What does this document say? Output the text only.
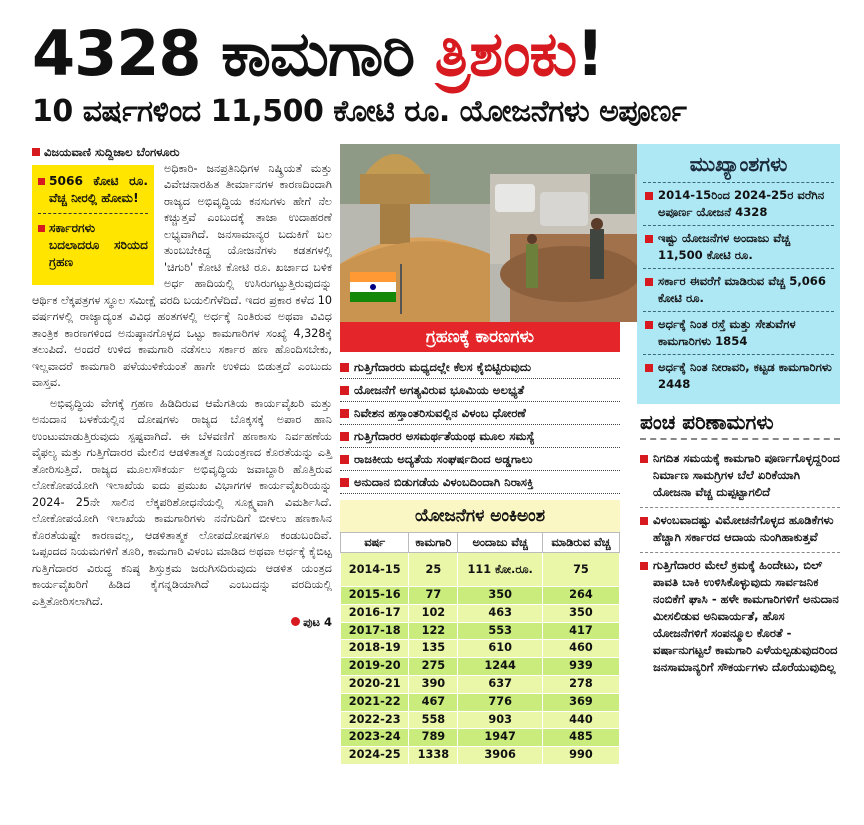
4328 ಕಾಮಗಾರಿ ತ್ರಿಶಂಕು!
10 ವರ್ಷಗಳಿಂದ 11,500 ಕೋಟಿ ರೂ. ಯೋಜನೆಗಳು ಅಪೂರ್ಣ
ವಿಜಯವಾಣಿ ಸುದ್ದಿಜಾಲ ಬೆಂಗಳೂರು
5066 ಕೋಟಿ ರೂ. ವೆಚ್ಚ ನೀರಲ್ಲಿ ಹೋಮ!
ಸರ್ಕಾರಗಳು ಬದಲಾದರೂ ಸರಿಯದ ಗ್ರಹಣ

ಅಧಿಕಾರಿ- ಜನಪ್ರತಿನಿಧಿಗಳ ನಿಷ್ಕ್ರಿಯತೆ ಮತ್ತು ವಿವೇಚನಾರಹಿತ ತೀರ್ಮಾನಗಳ ಕಾರಣದಿಂದಾಗಿ ರಾಜ್ಯದ ಅಭಿವೃದ್ಧಿಯ ಕನಸುಗಳು ಹೇಗೆ ನೆಲ ಕಚ್ಚುತ್ತವೆ ಎಂಬುದಕ್ಕೆ ತಾಜಾ ಉದಾಹರಣೆ ಲಭ್ಯವಾಗಿದೆ. ಜನಸಾಮಾನ್ಯರ ಬದುಕಿಗೆ ಬಲ ತುಂಬಬೇಕಿದ್ದ ಯೋಜನೆಗಳು ಕಡತಗಳಲ್ಲಿ 'ಚಿಗುರಿ' ಕೋಟಿ ಕೋಟಿ ರೂ. ಖರ್ಚಾದ ಬಳಿಕ ಅರ್ಧ ಹಾದಿಯಲ್ಲಿ ಉಸಿರುಗಟ್ಟುತ್ತಿರುವುದನ್ನು ಆರ್ಥಿಕ ಲೆಕ್ಕಪತ್ರಗಳ ಸ್ಥೂಲ ಸಮೀಕ್ಷೆ ವರದಿ ಬಯಲಿಗೆಳೆದಿದೆ. ಇದರ ಪ್ರಕಾರ ಕಳೆದ 10 ವರ್ಷಗಳಲ್ಲಿ ರಾಜ್ಯಾದ್ಯಂತ ವಿವಿಧ ಹಂತಗಳಲ್ಲಿ ಅರ್ಧಕ್ಕೆ ನಿಂತಿರುವ ಅಥವಾ ವಿವಿಧ ತಾಂತ್ರಿಕ ಕಾರಣಗಳಿಂದ ಅನುಷ್ಠಾನಗೊಳ್ಳದ ಒಟ್ಟು ಕಾಮಗಾರಿಗಳ ಸಂಖ್ಯೆ 4,328ಕ್ಕೆ ತಲುಪಿದೆ. ಅಂದರೆ ಉಳಿದ ಕಾಮಗಾರಿ ನಡೆಸಲು ಸರ್ಕಾರ ಹಣ ಹೊಂದಿಸಬೇಕು, ಇಲ್ಲವಾದರೆ ಕಾಮಗಾರಿ ಪಳೆಯುಳಿಕೆಯಂತೆ ಹಾಗೇ ಉಳಿದು ಬಿಡುತ್ತದೆ ಎಂಬುದು ವಾಸ್ತವ.

ಅಭಿವೃದ್ಧಿಯ ವೇಗಕ್ಕೆ ಗ್ರಹಣ ಹಿಡಿದಿರುವ ಆಮೆಗತಿಯ ಕಾರ್ಯವೈಖರಿ ಮತ್ತು ಅನುದಾನ ಬಳಕೆಯಲ್ಲಿನ ದೋಷಗಳು ರಾಜ್ಯದ ಬೊಕ್ಕಸಕ್ಕೆ ಅಪಾರ ಹಾನಿ ಉಂಟುಮಾಡುತ್ತಿರುವುದು ಸ್ಪಷ್ಟವಾಗಿದೆ. ಈ ಬೆಳವಣಿಗೆ ಹಣಕಾಸು ನಿರ್ವಹಣೆಯ ವೈಫಲ್ಯ ಮತ್ತು ಗುತ್ತಿಗೆದಾರರ ಮೇಲಿನ ಆಡಳಿತಾತ್ಮಕ ನಿಯಂತ್ರಣದ ಕೊರತೆಯನ್ನು ಎತ್ತಿ ತೋರಿಸುತ್ತಿದೆ. ರಾಜ್ಯದ ಮೂಲಸೌಕರ್ಯ ಅಭಿವೃದ್ಧಿಯ ಜವಾಬ್ದಾರಿ ಹೊತ್ತಿರುವ ಲೋಕೋಪಯೋಗಿ ಇಲಾಖೆಯ ಐದು ಪ್ರಮುಖ ವಿಭಾಗಗಳ ಕಾರ್ಯವೈಖರಿಯನ್ನು 2024- 25ನೇ ಸಾಲಿನ ಲೆಕ್ಕಪರಿಶೋಧನೆಯಲ್ಲಿ ಸೂಕ್ಷ್ಮವಾಗಿ ವಿಮರ್ಶಿಸಿದೆ. ಲೋಕೋಪಯೋಗಿ ಇಲಾಖೆಯ ಕಾಮಗಾರಿಗಳು ನನೆಗುದಿಗೆ ಬೀಳಲು ಹಣಕಾಸಿನ ಕೊರತೆಯಷ್ಟೇ ಕಾರಣವಲ್ಲ, ಆಡಳಿತಾತ್ಮಕ ಲೋಪದೋಷಗಳೂ ಕಂಡುಬಂದಿವೆ. ಒಪ್ಪಂದದ ನಿಯಮಗಳಿಗೆ ತೂರಿ, ಕಾಮಗಾರಿ ವಿಳಂಬ ಮಾಡಿದ ಅಥವಾ ಅರ್ಧಕ್ಕೆ ಕೈಬಿಟ್ಟ ಗುತ್ತಿಗೆದಾರರ ವಿರುದ್ಧ ಕನಿಷ್ಠ ಶಿಸ್ತುಕ್ರಮ ಜರುಗಿಸದಿರುವುದು ಆಡಳಿತ ಯಂತ್ರದ ಕಾರ್ಯವೈಖರಿಗೆ ಹಿಡಿದ ಕೈಗನ್ನಡಿಯಾಗಿದೆ ಎಂಬುದನ್ನು ವರದಿಯಲ್ಲಿ ಎತ್ತಿತೋರಿಸಲಾಗಿದೆ.

ಪುಟ 4
ಗ್ರಹಣಕ್ಕೆ ಕಾರಣಗಳು
ಗುತ್ತಿಗೆದಾರರು ಮಧ್ಯದಲ್ಲೇ ಕೆಲಸ ಕೈಬಿಟ್ಟಿರುವುದು
ಯೋಜನೆಗೆ ಅಗತ್ಯವಿರುವ ಭೂಮಿಯ ಅಲಭ್ಯತೆ
ನಿವೇಶನ ಹಸ್ತಾಂತರಿಸುವಲ್ಲಿನ ವಿಳಂಬ ಧೋರಣೆ
ಗುತ್ತಿಗೆದಾರರ ಅಸಮರ್ಥತೆಯಂಥ ಮೂಲ ಸಮಸ್ಯೆ
ರಾಜಕೀಯ ಅದ್ಯತೆಯ ಸಂಘರ್ಷದಿಂದ ಅಡ್ಡಗಾಲು
ಅನುದಾನ ಬಿಡುಗಡೆಯ ವಿಳಂಬದಿಂದಾಗಿ ನಿರಾಸಕ್ತಿ
ಯೋಜನೆಗಳ ಅಂಕಿಅಂಶ
ವರ್ಷ	ಕಾಮಗಾರಿ	ಅಂದಾಜು ವೆಚ್ಚ	ಮಾಡಿರುವ ವೆಚ್ಚ
2014-15	25	111 ಕೋ.ರೂ.	75
2015-16	77	350	264
2016-17	102	463	350
2017-18	122	553	417
2018-19	135	610	460
2019-20	275	1244	939
2020-21	390	637	278
2021-22	467	776	369
2022-23	558	903	440
2023-24	789	1947	485
2024-25	1338	3906	990
ಮುಖ್ಯಾಂಶಗಳು
2014-15ರಿಂದ 2024-25ರ ವರೆಗಿನ ಅಪೂರ್ಣ ಯೋಜನೆ 4328
ಇಷ್ಟು ಯೋಜನೆಗಳ ಅಂದಾಜು ವೆಚ್ಚ 11,500 ಕೋಟಿ ರೂ.
ಸರ್ಕಾರ ಈವರೆಗೆ ಮಾಡಿರುವ ವೆಚ್ಚ 5,066 ಕೋಟಿ ರೂ.
ಅರ್ಧಕ್ಕೆ ನಿಂತ ರಸ್ತೆ ಮತ್ತು ಸೇತುವೆಗಳ ಕಾಮಗಾರಿಗಳು 1854
ಅರ್ಧಕ್ಕೆ ನಿಂತ ನೀರಾವರಿ, ಕಟ್ಟಡ ಕಾಮಗಾರಿಗಳು 2448
ಪಂಚ ಪರಿಣಾಮಗಳು
ನಿಗದಿತ ಸಮಯಕ್ಕೆ ಕಾಮಗಾರಿ ಪೂರ್ಣಗೊಳ್ಳದ್ದರಿಂದ ನಿರ್ಮಾಣ ಸಾಮಗ್ರಿಗಳ ಬೆಲೆ ಏರಿಕೆಯಾಗಿ ಯೋಜನಾ ವೆಚ್ಚ ದುಪ್ಪಟ್ಟಾಗಲಿದೆ
ವಿಳಂಬವಾದಷ್ಟು ವಿಮೋಚನೆಗೊಳ್ಳದ ಹೂಡಿಕೆಗಳು ಹೆಚ್ಚಾಗಿ ಸರ್ಕಾರದ ಆದಾಯ ನುಂಗಿಹಾಕುತ್ತವೆ
ಗುತ್ತಿಗೆದಾರರ ಮೇಲೆ ಕ್ರಮಕ್ಕೆ ಹಿಂದೇಟು, ಬಿಲ್ ಪಾವತಿ ಬಾಕಿ ಉಳಿಸಿಕೊಳ್ಳುವುದು ಸಾರ್ವಜನಿಕ ನಂಬಿಕೆಗೆ ಘಾಸಿ - ಹಳೇ ಕಾಮಗಾರಿಗಳಿಗೆ ಅನುದಾನ ಮೀಸಲಿಡುವ ಅನಿವಾರ್ಯತೆ, ಹೊಸ ಯೋಜನೆಗಳಿಗೆ ಸಂಪನ್ಮೂಲ ಕೊರತೆ - ವರ್ಷಾನುಗಟ್ಟಲೆ ಕಾಮಗಾರಿ ಎಳೆಯಲ್ಪಡುವುದರಿಂದ ಜನಸಾಮಾನ್ಯರಿಗೆ ಸೌಕರ್ಯಗಳು ದೊರೆಯುವುದಿಲ್ಲ
